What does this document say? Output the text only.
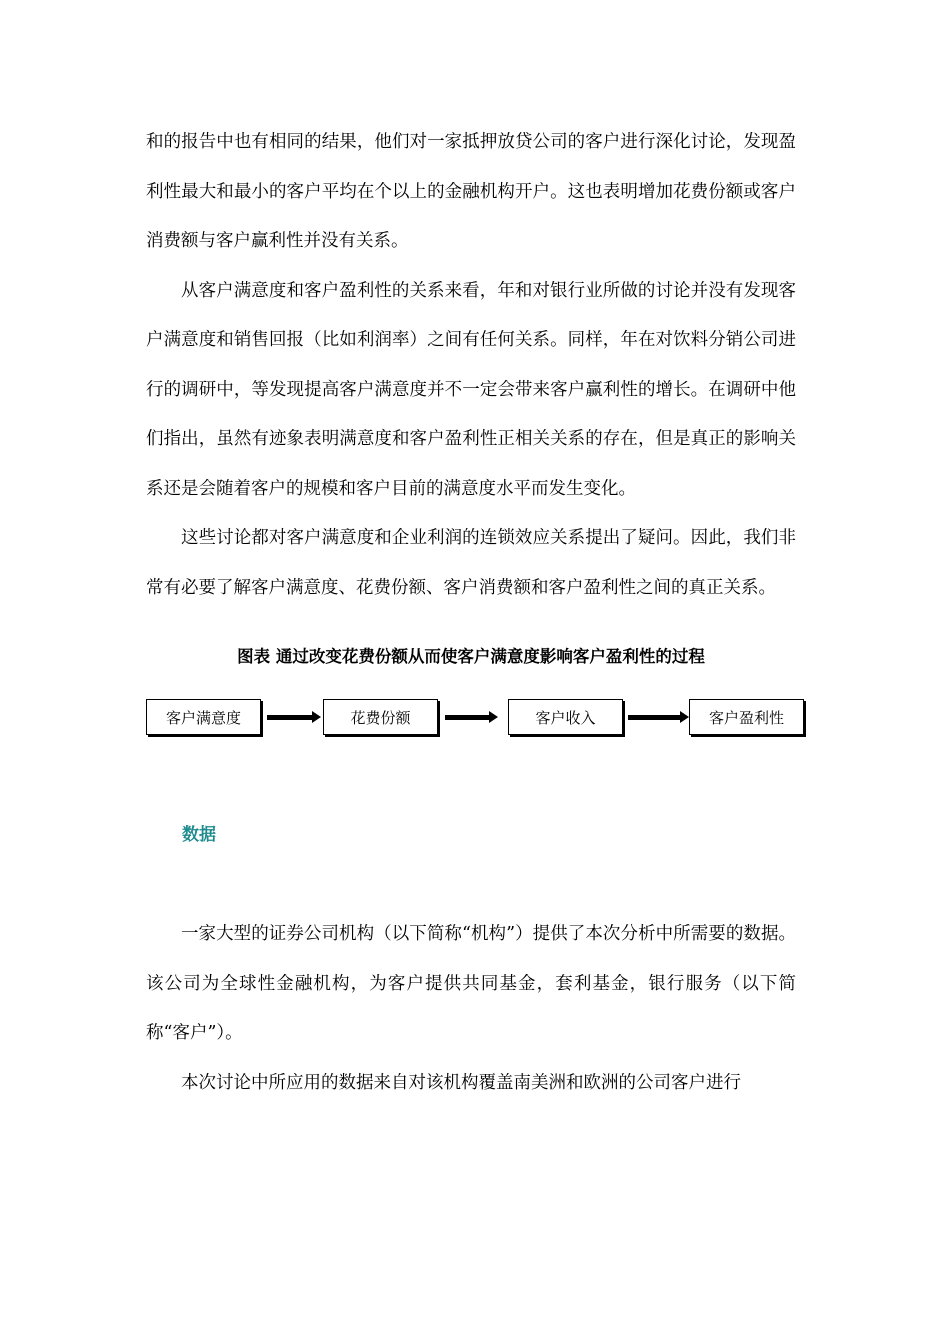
和的报告中也有相同的结果，他们对一家抵押放贷公司的客户进行深化讨论，发现盈利性最大和最小的客户平均在个以上的金融机构开户。这也表明增加花费份额或客户消费额与客户赢利性并没有关系。

从客户满意度和客户盈利性的关系来看，年和对银行业所做的讨论并没有发现客户满意度和销售回报（比如利润率）之间有任何关系。同样，年在对饮料分销公司进行的调研中，等发现提高客户满意度并不一定会带来客户赢利性的增长。在调研中他们指出，虽然有迹象表明满意度和客户盈利性正相关关系的存在，但是真正的影响关系还是会随着客户的规模和客户目前的满意度水平而发生变化。

这些讨论都对客户满意度和企业利润的连锁效应关系提出了疑问。因此，我们非常有必要了解客户满意度、花费份额、客户消费额和客户盈利性之间的真正关系。

图表 通过改变花费份额从而使客户满意度影响客户盈利性的过程
客户满意度	花费份额	客户收入	客户盈利性
数据

一家大型的证券公司机构（以下简称“机构”）提供了本次分析中所需要的数据。该公司为全球性金融机构，为客户提供共同基金，套利基金，银行服务（以下简称“客户”）。

本次讨论中所应用的数据来自对该机构覆盖南美洲和欧洲的公司客户进行
